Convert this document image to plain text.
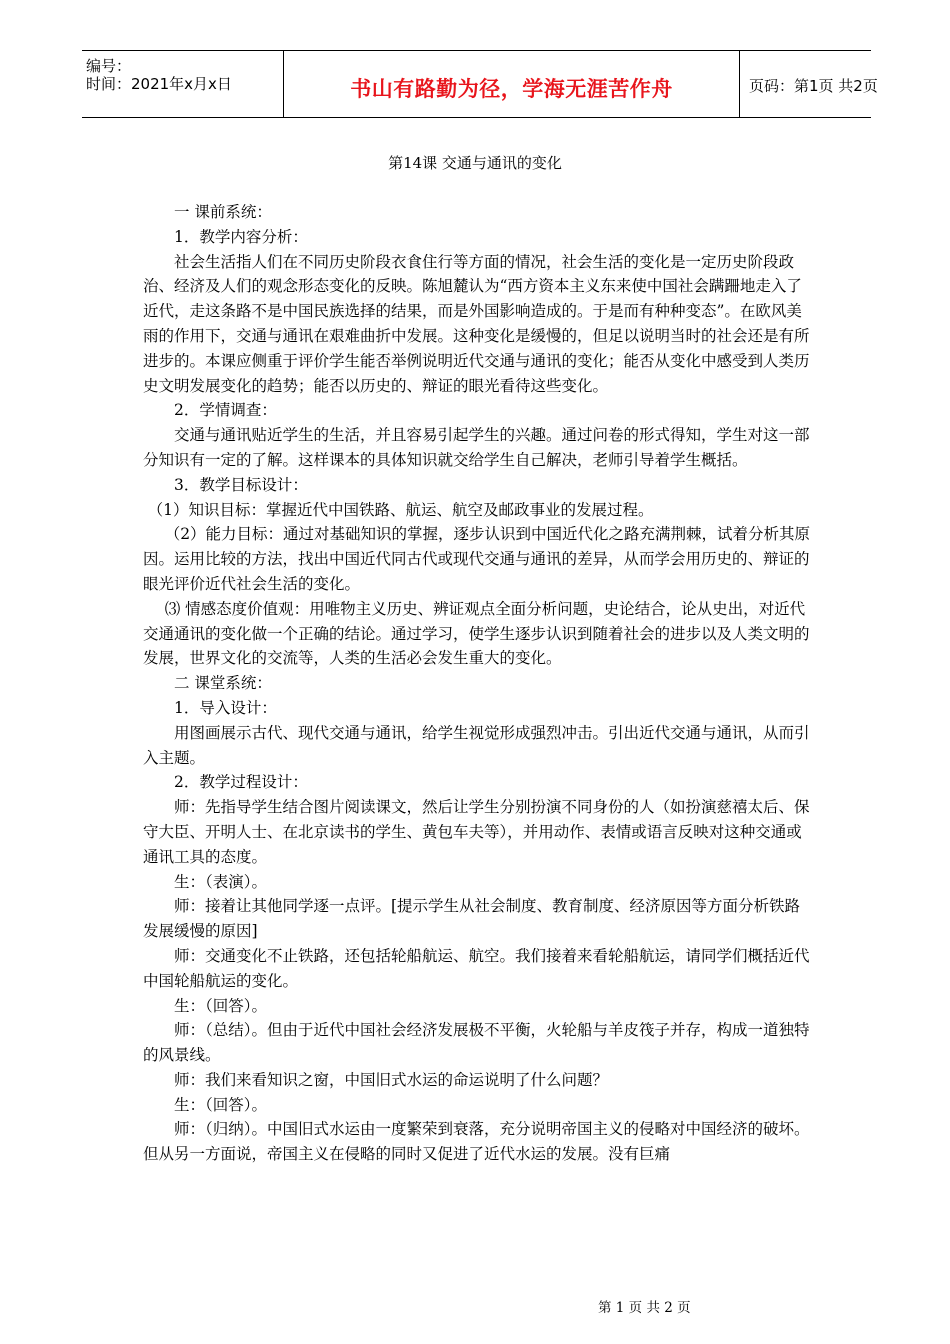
编号：
时间：2021年x月x日	书山有路勤为径，学海无涯苦作舟	页码：第1页 共2页
第14课 交通与通讯的变化

一 课前系统：

1．教学内容分析：

社会生活指人们在不同历史阶段衣食住行等方面的情况，社会生活的变化是一定历史阶段政治、经济及人们的观念形态变化的反映。陈旭麓认为“西方资本主义东来使中国社会蹒跚地走入了近代，走这条路不是中国民族选择的结果，而是外国影响造成的。于是而有种种变态”。在欧风美雨的作用下，交通与通讯在艰难曲折中发展。这种变化是缓慢的，但足以说明当时的社会还是有所进步的。本课应侧重于评价学生能否举例说明近代交通与通讯的变化；能否从变化中感受到人类历史文明发展变化的趋势；能否以历史的、辩证的眼光看待这些变化。

2．学情调查：

交通与通讯贴近学生的生活，并且容易引起学生的兴趣。通过问卷的形式得知，学生对这一部分知识有一定的了解。这样课本的具体知识就交给学生自己解决，老师引导着学生概括。

3．教学目标设计：

（1）知识目标：掌握近代中国铁路、航运、航空及邮政事业的发展过程。

（2）能力目标：通过对基础知识的掌握，逐步认识到中国近代化之路充满荆棘，试着分析其原因。运用比较的方法，找出中国近代同古代或现代交通与通讯的差异，从而学会用历史的、辩证的眼光评价近代社会生活的变化。

⑶ 情感态度价值观：用唯物主义历史、辨证观点全面分析问题，史论结合，论从史出，对近代交通通讯的变化做一个正确的结论。通过学习，使学生逐步认识到随着社会的进步以及人类文明的发展，世界文化的交流等，人类的生活必会发生重大的变化。

二 课堂系统：

1．导入设计：

用图画展示古代、现代交通与通讯，给学生视觉形成强烈冲击。引出近代交通与通讯，从而引入主题。

2．教学过程设计：

师：先指导学生结合图片阅读课文，然后让学生分别扮演不同身份的人（如扮演慈禧太后、保守大臣、开明人士、在北京读书的学生、黄包车夫等），并用动作、表情或语言反映对这种交通或通讯工具的态度。

生：（表演）。

师：接着让其他同学逐一点评。[提示学生从社会制度、教育制度、经济原因等方面分析铁路发展缓慢的原因]

师：交通变化不止铁路，还包括轮船航运、航空。我们接着来看轮船航运，请同学们概括近代中国轮船航运的变化。

生：（回答）。

师：（总结）。但由于近代中国社会经济发展极不平衡，火轮船与羊皮筏子并存，构成一道独特的风景线。

师：我们来看知识之窗，中国旧式水运的命运说明了什么问题？

生：（回答）。

师：（归纳）。中国旧式水运由一度繁荣到衰落，充分说明帝国主义的侵略对中国经济的破坏。但从另一方面说，帝国主义在侵略的同时又促进了近代水运的发展。没有巨痛

第 1 页 共 2 页
